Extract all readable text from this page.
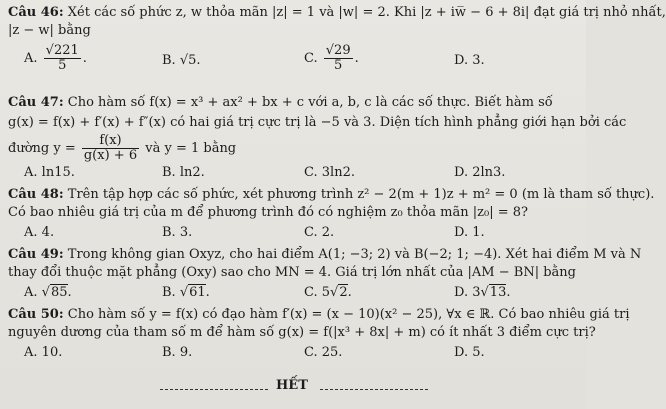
Câu 46: Xét các số phức z, w thỏa mãn |z| = 1 và |w| = 2. Khi |z + iw̅ − 6 + 8i| đạt giá trị nhỏ nhất,
|z − w| bằng
A. $\frac{√221}{5}$ .	B. √5.	C. $\frac{√29}{5}$ .	D. 3.
Câu 47: Cho hàm số f(x) = x³ + ax² + bx + c với a, b, c là các số thực. Biết hàm số
g(x) = f(x) + f′(x) + f″(x) có hai giá trị cực trị là −5 và 3. Diện tích hình phẳng giới hạn bởi các
đường $y = \frac{f(x)}{g(x) + 6}$ và y = 1 bằng
A. ln15.	B. ln2.	C. 3ln2.	D. 2ln3.
Câu 48: Trên tập hợp các số phức, xét phương trình z² − 2(m + 1)z + m² = 0 (m là tham số thực).
Có bao nhiêu giá trị của m để phương trình đó có nghiệm z₀ thỏa mãn |z₀| = 8?
A. 4.	B. 3.	C. 2.	D. 1.
Câu 49: Trong không gian Oxyz, cho hai điểm A(1; −3; 2) và B(−2; 1; −4). Xét hai điểm M và N
thay đổi thuộc mặt phẳng (Oxy) sao cho MN = 4. Giá trị lớn nhất của |AM − BN| bằng
A. √85.	B. √61.	C. 5√2.	D. 3√13.
Câu 50: Cho hàm số y = f(x) có đạo hàm f′(x) = (x − 10)(x² − 25), ∀x ∈ ℝ. Có bao nhiêu giá trị
nguyên dương của tham số m để hàm số g(x) = f(|x³ + 8x| + m) có ít nhất 3 điểm cực trị?
A. 10.	B. 9.	C. 25.	D. 5.
HẾT
